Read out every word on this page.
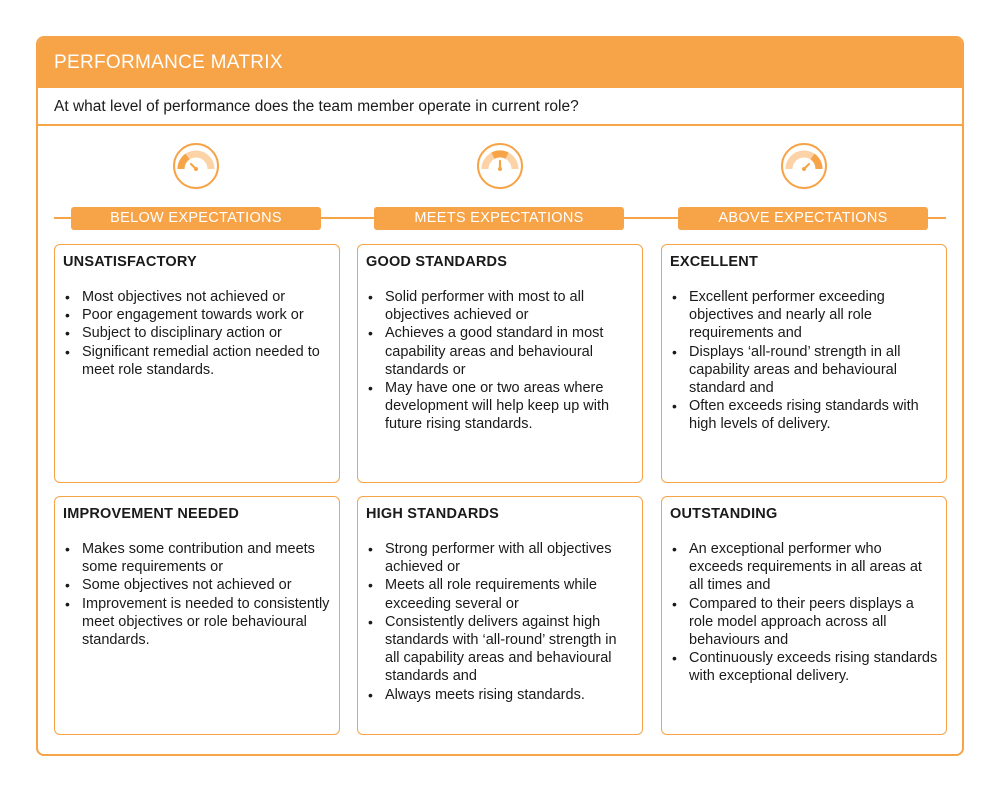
PERFORMANCE MATRIX
At what level of performance does the team member operate in current role?
BELOW EXPECTATIONS	MEETS EXPECTATIONS	ABOVE EXPECTATIONS
UNSATISFACTORY
• Most objectives not achieved or
• Poor engagement towards work or
• Subject to disciplinary action or
• Significant remedial action needed to meet role standards.
GOOD STANDARDS
• Solid performer with most to all objectives achieved or
• Achieves a good standard in most capability areas and behavioural standards or
• May have one or two areas where development will help keep up with future rising standards.
EXCELLENT
• Excellent performer exceeding objectives and nearly all role requirements and
• Displays ‘all-round’ strength in all capability areas and behavioural standard and
• Often exceeds rising standards with high levels of delivery.
IMPROVEMENT NEEDED
• Makes some contribution and meets some requirements or
• Some objectives not achieved or
• Improvement is needed to consistently meet objectives or role behavioural standards.
HIGH STANDARDS
• Strong performer with all objectives achieved or
• Meets all role requirements while exceeding several or
• Consistently delivers against high standards with ‘all-round’ strength in all capability areas and behavioural standards and
• Always meets rising standards.
OUTSTANDING
• An exceptional performer who exceeds requirements in all areas at all times and
• Compared to their peers displays a role model approach across all behaviours and
• Continuously exceeds rising standards with exceptional delivery.
